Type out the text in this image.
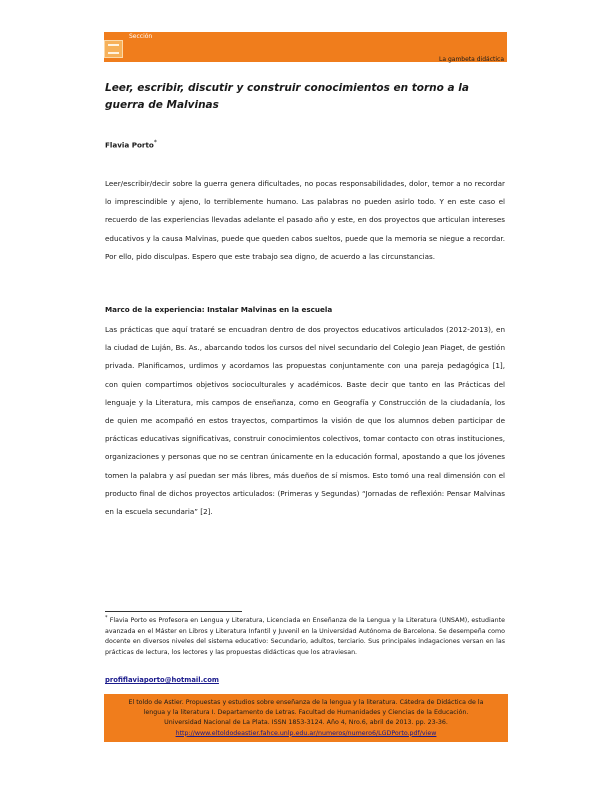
Sección
La gambeta didáctica
Leer, escribir, discutir y construir conocimientos en torno a la guerra de Malvinas
Flavia Porto*

Leer/escribir/decir sobre la guerra genera dificultades, no pocas responsabilidades, dolor, temor a no recordar lo imprescindible y ajeno, lo terriblemente humano. Las palabras no pueden asirlo todo. Y en este caso el recuerdo de las experiencias llevadas adelante el pasado año y este, en dos proyectos que articulan intereses educativos y la causa Malvinas, puede que queden cabos sueltos, puede que la memoria se niegue a recordar. Por ello, pido disculpas. Espero que este trabajo sea digno, de acuerdo a las circunstancias.

Marco de la experiencia: Instalar Malvinas en la escuela

Las prácticas que aquí trataré se encuadran dentro de dos proyectos educativos articulados (2012-2013), en la ciudad de Luján, Bs. As., abarcando todos los cursos del nivel secundario del Colegio Jean Piaget, de gestión privada. Planificamos, urdimos y acordamos las propuestas conjuntamente con una pareja pedagógica [1], con quien compartimos objetivos socioculturales y académicos. Baste decir que tanto en las Prácticas del lenguaje y la Literatura, mis campos de enseñanza, como en Geografía y Construcción de la ciudadanía, los de quien me acompañó en estos trayectos, compartimos la visión de que los alumnos deben participar de prácticas educativas significativas, construir conocimientos colectivos, tomar contacto con otras instituciones, organizaciones y personas que no se centran únicamente en la educación formal, apostando a que los jóvenes tomen la palabra y así puedan ser más libres, más dueños de sí mismos. Esto tomó una real dimensión con el producto final de dichos proyectos articulados: (Primeras y Segundas) “Jornadas de reflexión: Pensar Malvinas en la escuela secundaria” [2].

* Flavia Porto es Profesora en Lengua y Literatura, Licenciada en Enseñanza de la Lengua y la Literatura (UNSAM), estudiante avanzada en el Máster en Libros y Literatura Infantil y Juvenil en la Universidad Autónoma de Barcelona. Se desempeña como docente en diversos niveles del sistema educativo: Secundario, adultos, terciario. Sus principales indagaciones versan en las prácticas de lectura, los lectores y las propuestas didácticas que los atraviesan.

profiflaviaporto@hotmail.com
El toldo de Astier. Propuestas y estudios sobre enseñanza de la lengua y la literatura. Cátedra de Didáctica de la
lengua y la literatura I. Departamento de Letras. Facultad de Humanidades y Ciencias de la Educación.
Universidad Nacional de La Plata. ISSN 1853-3124. Año 4, Nro.6, abril de 2013. pp. 23-36.
http://www.eltoldodeastier.fahce.unlp.edu.ar/numeros/numero6/LGDPorto.pdf/view
